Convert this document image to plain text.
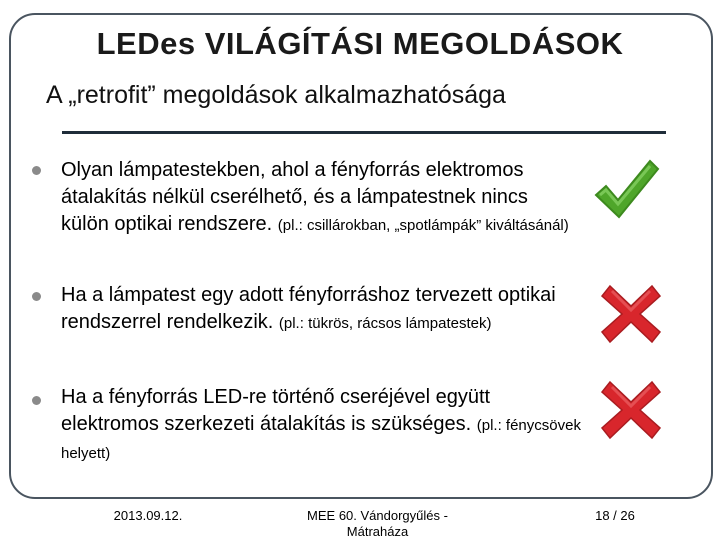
LEDes VILÁGÍTÁSI MEGOLDÁSOK
A „retrofit” megoldások alkalmazhatósága
Olyan lámpatestekben, ahol a fényforrás elektromos átalakítás nélkül cserélhető, és a lámpatestnek nincs külön optikai rendszere. (pl.: csillárokban, „spotlámpák” kiváltásánál)
Ha a lámpatest egy adott fényforráshoz tervezett optikai rendszerrel rendelkezik. (pl.: tükrös, rácsos lámpatestek)
Ha a fényforrás LED-re történő cseréjével együtt elektromos szerkezeti átalakítás is szükséges. (pl.: fénycsövek helyett)
2013.09.12.	MEE 60. Vándorgyűlés - Mátraháza
18 / 26
